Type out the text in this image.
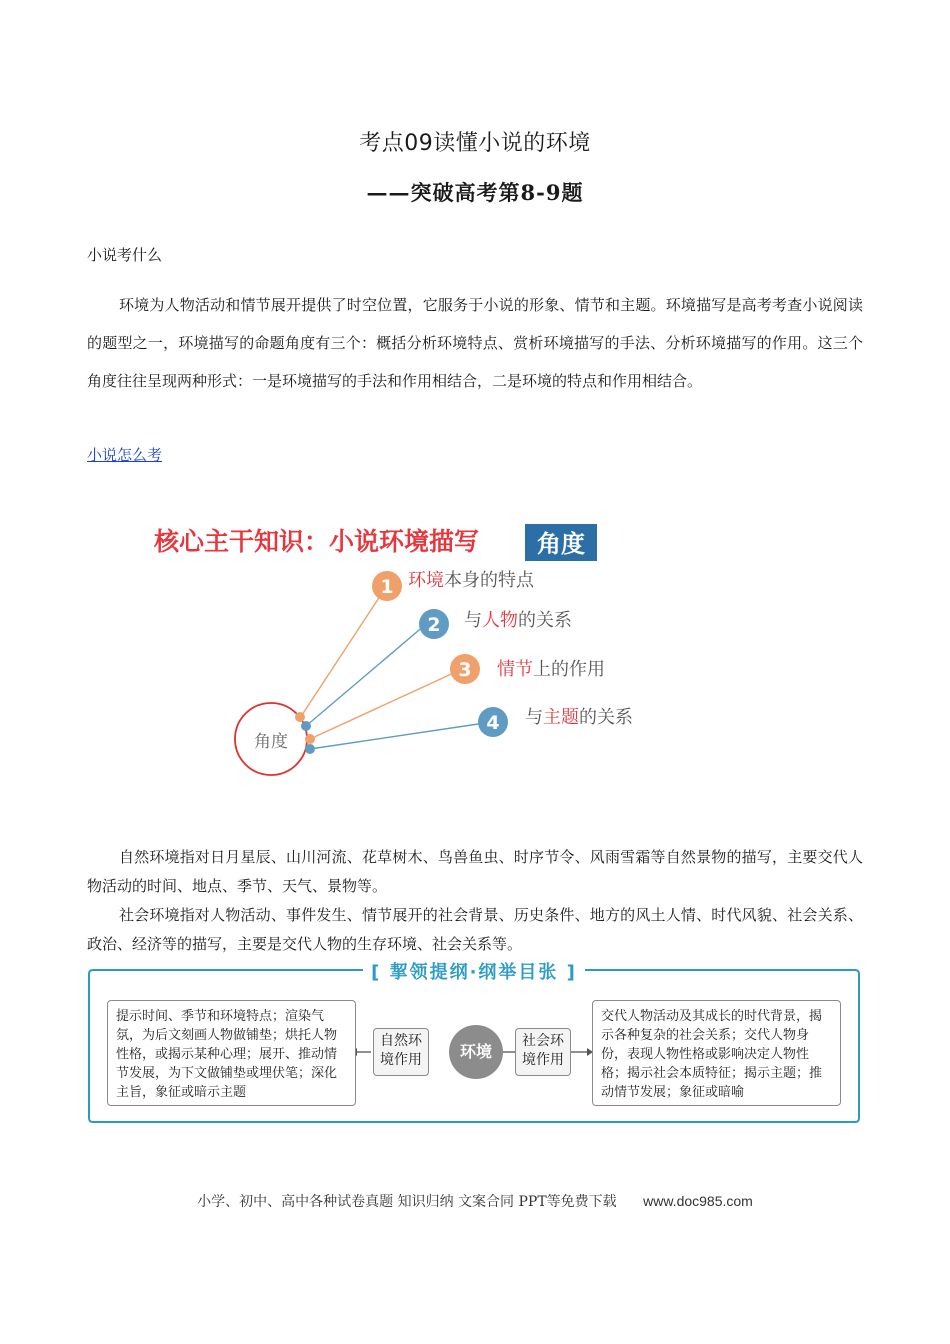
考点09读懂小说的环境
——突破高考第8-9题
小说考什么

环境为人物活动和情节展开提供了时空位置，它服务于小说的形象、情节和主题。环境描写是高考考查小说阅读的题型之一，环境描写的命题角度有三个：概括分析环境特点、赏析环境描写的手法、分析环境描写的作用。这三个角度往往呈现两种形式：一是环境描写的手法和作用相结合，二是环境的特点和作用相结合。

小说怎么考
核心主干知识：小说环境描写 角度
角度
1 环境本身的特点
2 与人物的关系
3 情节上的作用
4 与主题的关系

自然环境指对日月星辰、山川河流、花草树木、鸟兽鱼虫、时序节令、风雨雪霜等自然景物的描写，主要交代人物活动的时间、地点、季节、天气、景物等。

社会环境指对人物活动、事件发生、情节展开的社会背景、历史条件、地方的风土人情、时代风貌、社会关系、政治、经济等的描写，主要是交代人物的生存环境、社会关系等。

[ 挈领提纲·纲举目张 ]
提示时间、季节和环境特点；渲染气氛，为后文刻画人物做铺垫；烘托人物性格，或揭示某种心理；展开、推动情节发展，为下文做铺垫或埋伏笔；深化主旨，象征或暗示主题
自然环境作用	环境
社会环境作用
交代人物活动及其成长的时代背景，揭示各种复杂的社会关系；交代人物身份，表现人物性格或影响决定人物性格；揭示社会本质特征；揭示主题；推动情节发展；象征或暗喻
小学、初中、高中各种试卷真题 知识归纳 文案合同 PPT等免费下载 www.doc985.com
